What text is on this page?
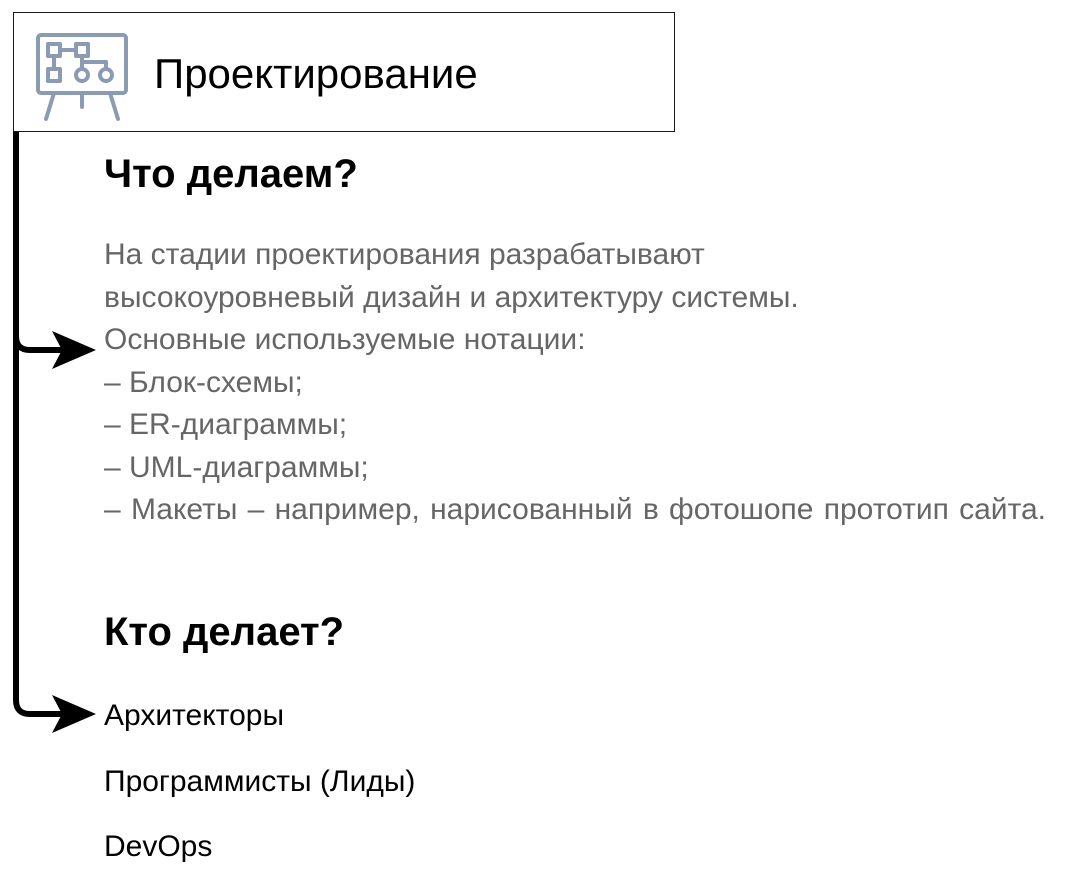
Проектирование
Что делаем?
На стадии проектирования разрабатывают
высокоуровневый дизайн и архитектуру системы.
Основные используемые нотации:
– Блок-схемы;
– ER-диаграммы;
– UML-диаграммы;
– Макеты – например, нарисованный в фотошопе прототип сайта.
Кто делает?
Архитекторы
Программисты (Лиды)
DevOps
